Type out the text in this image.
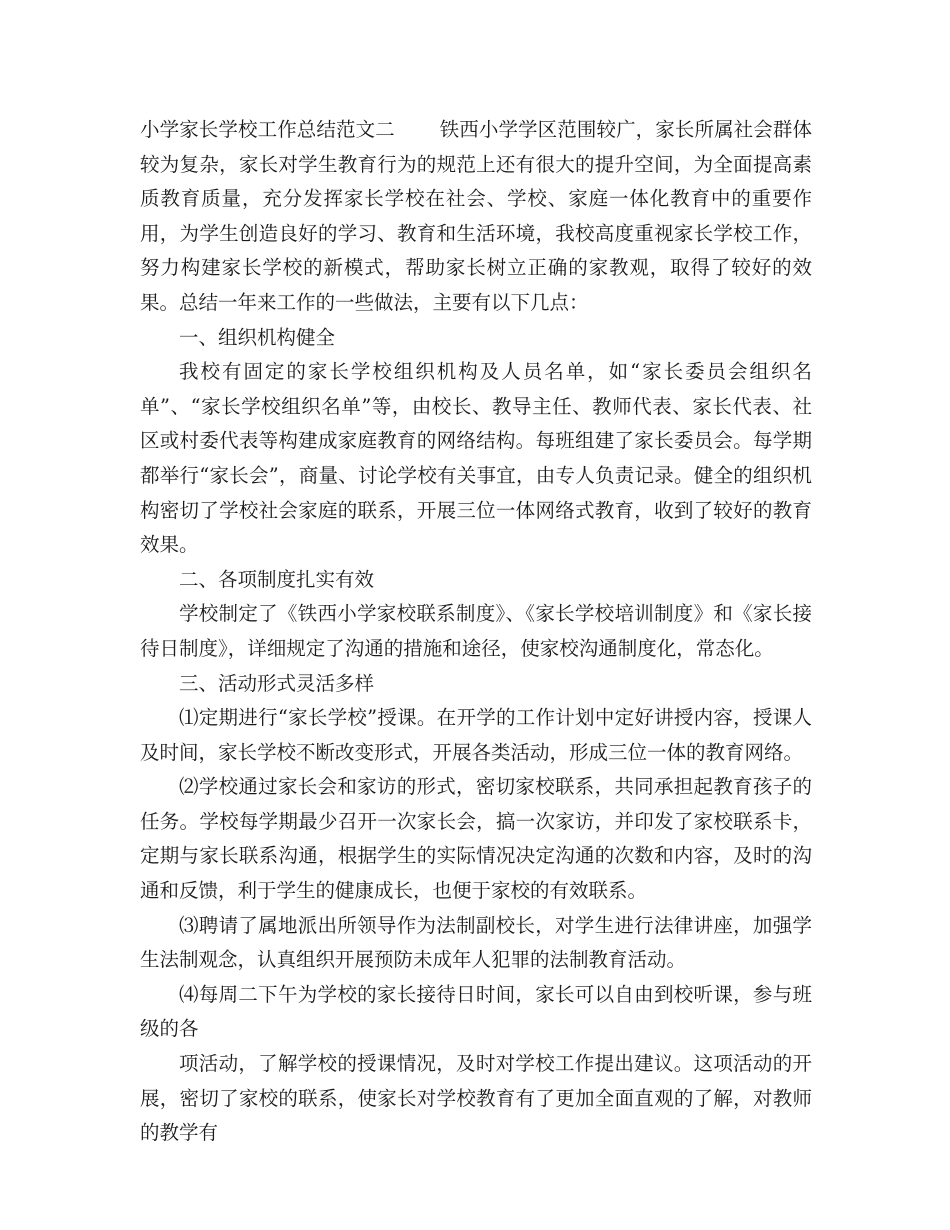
小学家长学校工作总结范文二 铁西小学学区范围较广，家长所属社会群体较为复杂，家长对学生教育行为的规范上还有很大的提升空间，为全面提高素质教育质量，充分发挥家长学校在社会、学校、家庭一体化教育中的重要作用，为学生创造良好的学习、教育和生活环境，我校高度重视家长学校工作，努力构建家长学校的新模式，帮助家长树立正确的家教观，取得了较好的效果。总结一年来工作的一些做法，主要有以下几点：

一、组织机构健全

我校有固定的家长学校组织机构及人员名单，如“家长委员会组织名单”、“家长学校组织名单”等，由校长、教导主任、教师代表、家长代表、社区或村委代表等构建成家庭教育的网络结构。每班组建了家长委员会。每学期都举行“家长会”，商量、讨论学校有关事宜，由专人负责记录。健全的组织机构密切了学校社会家庭的联系，开展三位一体网络式教育，收到了较好的教育效果。

二、各项制度扎实有效

学校制定了《铁西小学家校联系制度》、《家长学校培训制度》和《家长接待日制度》，详细规定了沟通的措施和途径，使家校沟通制度化，常态化。

三、活动形式灵活多样

⑴定期进行“家长学校”授课。在开学的工作计划中定好讲授内容，授课人及时间，家长学校不断改变形式，开展各类活动，形成三位一体的教育网络。

⑵学校通过家长会和家访的形式，密切家校联系，共同承担起教育孩子的任务。学校每学期最少召开一次家长会，搞一次家访，并印发了家校联系卡，定期与家长联系沟通，根据学生的实际情况决定沟通的次数和内容，及时的沟通和反馈，利于学生的健康成长，也便于家校的有效联系。

⑶聘请了属地派出所领导作为法制副校长，对学生进行法律讲座，加强学生法制观念，认真组织开展预防未成年人犯罪的法制教育活动。

⑷每周二下午为学校的家长接待日时间，家长可以自由到校听课，参与班级的各

项活动，了解学校的授课情况，及时对学校工作提出建议。这项活动的开展，密切了家校的联系，使家长对学校教育有了更加全面直观的了解，对教师的教学有
